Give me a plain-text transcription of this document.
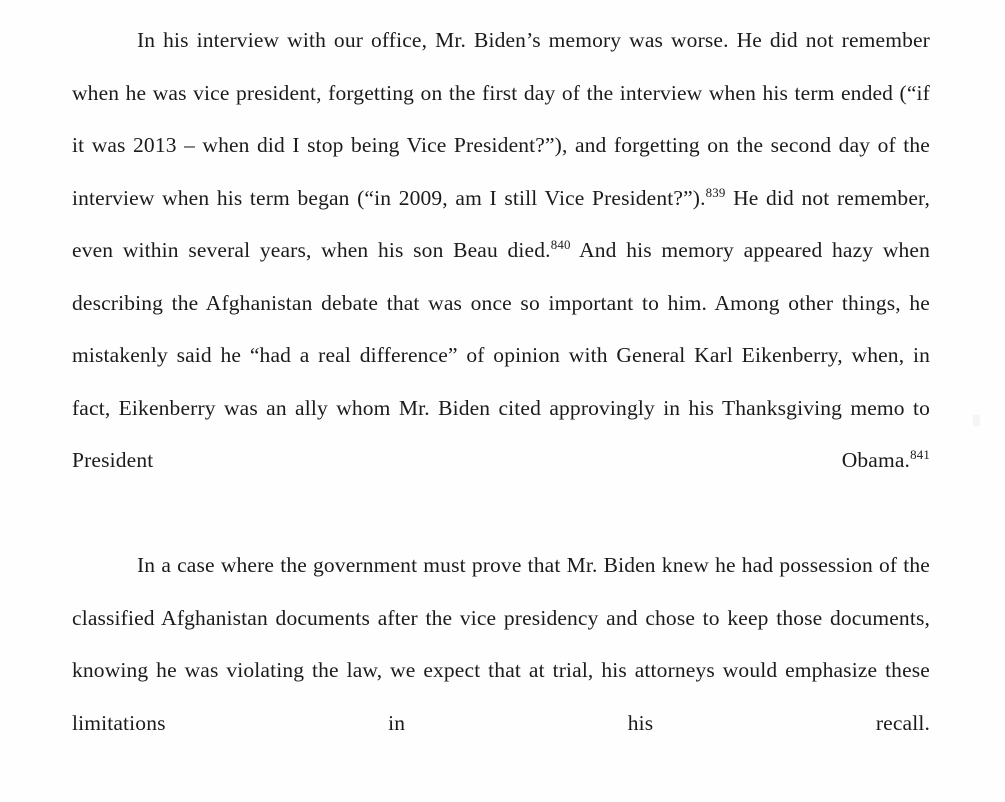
In his interview with our office, Mr. Biden’s memory was worse. He did not remember when he was vice president, forgetting on the first day of the interview when his term ended (“if it was 2013 – when did I stop being Vice President?”), and forgetting on the second day of the interview when his term began (“in 2009, am I still Vice President?”).$^{839}$ He did not remember, even within several years, when his son Beau died.$^{840}$ And his memory appeared hazy when describing the Afghanistan debate that was once so important to him. Among other things, he mistakenly said he “had a real difference” of opinion with General Karl Eikenberry, when, in fact, Eikenberry was an ally whom Mr. Biden cited approvingly in his Thanksgiving memo to President Obama.$^{841}$

In a case where the government must prove that Mr. Biden knew he had possession of the classified Afghanistan documents after the vice presidency and chose to keep those documents, knowing he was violating the law, we expect that at trial, his attorneys would emphasize these limitations in his recall.
